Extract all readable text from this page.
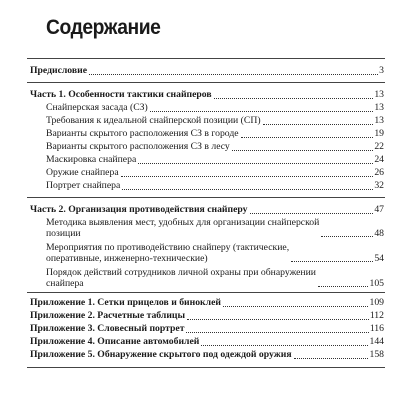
Содержание
Предисловие	3
Часть 1. Особенности тактики снайперов	13
Снайперская засада (СЗ)	13
Требования к идеальной снайперской позиции (СП)	13
Варианты скрытого расположения СЗ в городе	19
Варианты скрытого расположения СЗ в лесу	22
Маскировка снайпера	24
Оружие снайпера	26
Портрет снайпера	32
Часть 2. Организация противодействия снайперу	47
Методика выявления мест, удобных для организации снайперской
позиции	48
Мероприятия по противодействию снайперу (тактические,
оперативные, инженерно-технические)	54
Порядок действий сотрудников личной охраны при обнаружении
снайпера	105
Приложение 1. Сетки прицелов и биноклей	109
Приложение 2. Расчетные таблицы	112
Приложение 3. Словесный портрет	116
Приложение 4. Описание автомобилей	144
Приложение 5. Обнаружение скрытого под одеждой оружия	158
